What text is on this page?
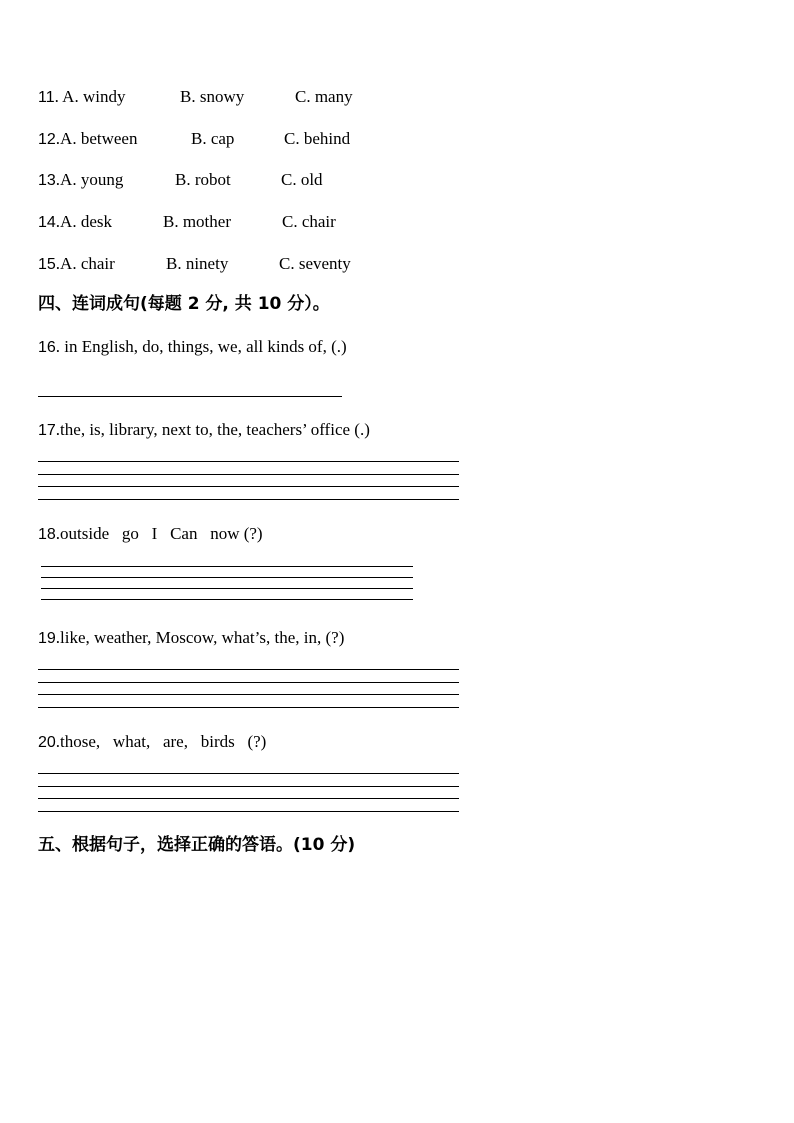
11. A. windy	B. snowy	C. many
12.A. between	B. cap	C. behind
13.A. young	B. robot	C. old
14.A. desk	B. mother	C. chair
15.A. chair	B. ninety	C. seventy
四、连词成句(每题 2 分, 共 10 分）。
16. in English, do, things, we, all kinds of, (.)
17.the, is, library, next to, the, teachers’ office (.)
18.outside   go   I   Can   now (?)
19.like, weather, Moscow, what’s, the, in, (?)
20.those,   what,   are,   birds   (?)
五、根据句子，选择正确的答语。(10 分)
